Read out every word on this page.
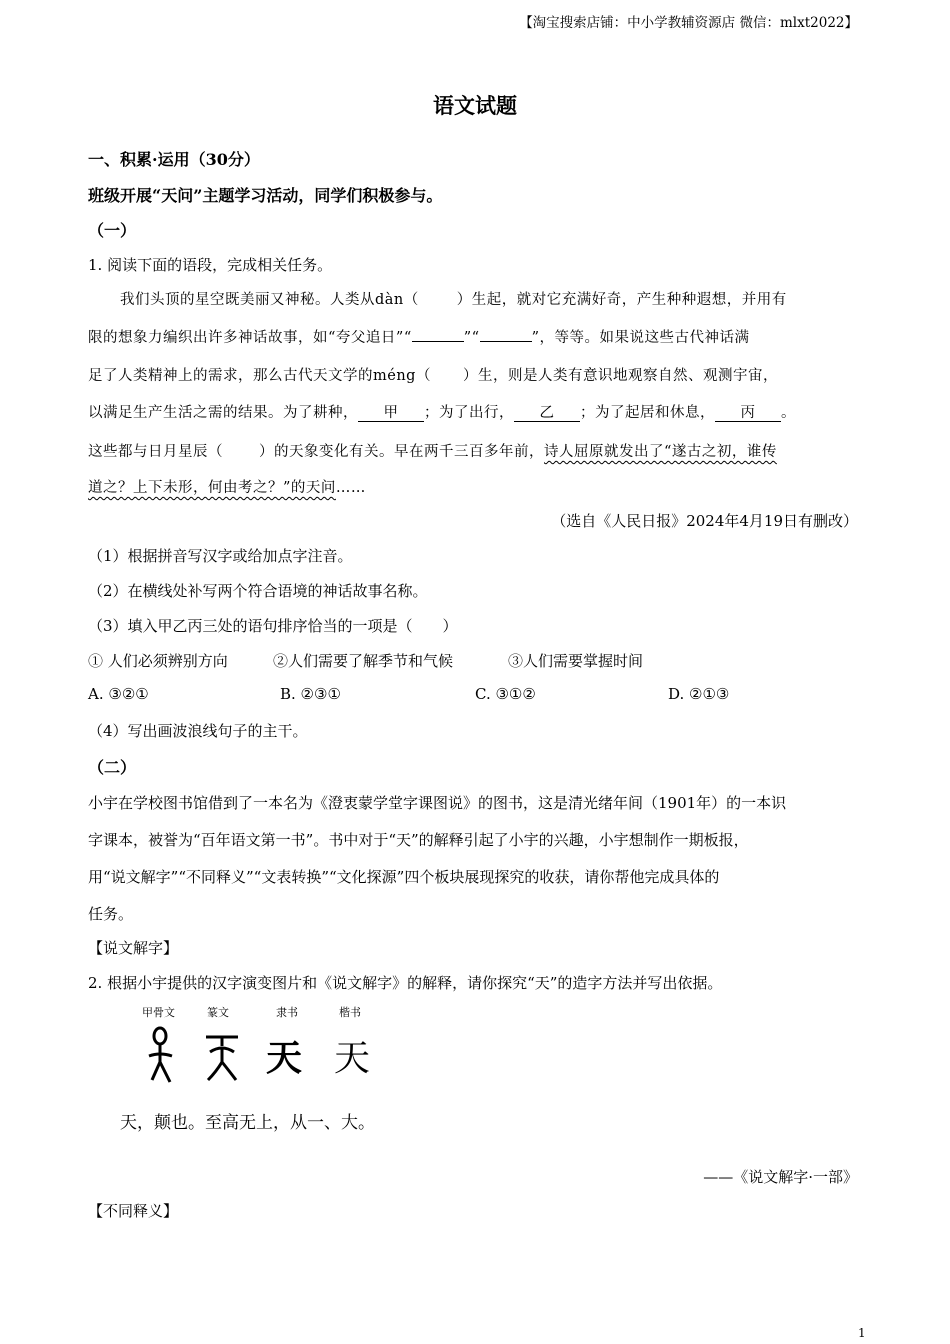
【淘宝搜索店铺：中小学教辅资源店 微信：mlxt2022】
语文试题
一、积累·运用（30分）
班级开展“天问”主题学习活动，同学们积极参与。
（一）
1. 阅读下面的语段，完成相关任务。
我们头顶的星空既美丽又神秘。人类从dàn（	）生起，就对它充满好奇，产生种种遐想，并用有
限的想象力编织出许多神话故事，如“夸父追日”“	”“	”，等等。如果说这些古代神话满
足了人类精神上的需求，那么古代天文学的méng（ ）生，则是人类有意识地观察自然、观测宇宙，
以满足生产生活之需的结果。为了耕种， 甲 ；为了出行， 乙 ；为了起居和休息， 丙 。
这些都与日月星辰（ ）的天象变化有关。早在两千三百多年前，诗人屈原就发出了“遂古之初，谁传
道之？上下未形，何由考之？”的天问……
（选自《人民日报》2024年4月19日有删改）
（1）根据拼音写汉字或给加点字注音。
（2）在横线处补写两个符合语境的神话故事名称。
（3）填入甲乙丙三处的语句排序恰当的一项是（　　）
① 人们必须辨别方向	②人们需要了解季节和气候	③人们需要掌握时间
A. ③②①	B. ②③①	C. ③①②	D. ②①③
（4）写出画波浪线句子的主干。
（二）
小宇在学校图书馆借到了一本名为《澄衷蒙学堂字课图说》的图书，这是清光绪年间（1901年）的一本识
字课本，被誉为“百年语文第一书”。书中对于“天”的解释引起了小宇的兴趣，小宇想制作一期板报，
用“说文解字”“不同释义”“文表转换”“文化探源”四个板块展现探究的收获，请你帮他完成具体的
任务。
【说文解字】
2. 根据小宇提供的汉字演变图片和《说文解字》的解释，请你探究“天”的造字方法并写出依据。
甲骨文	篆文	隶书	楷书
天 天
天，颠也。至高无上，从一、大。
——《说文解字·一部》
【不同释义】
1
